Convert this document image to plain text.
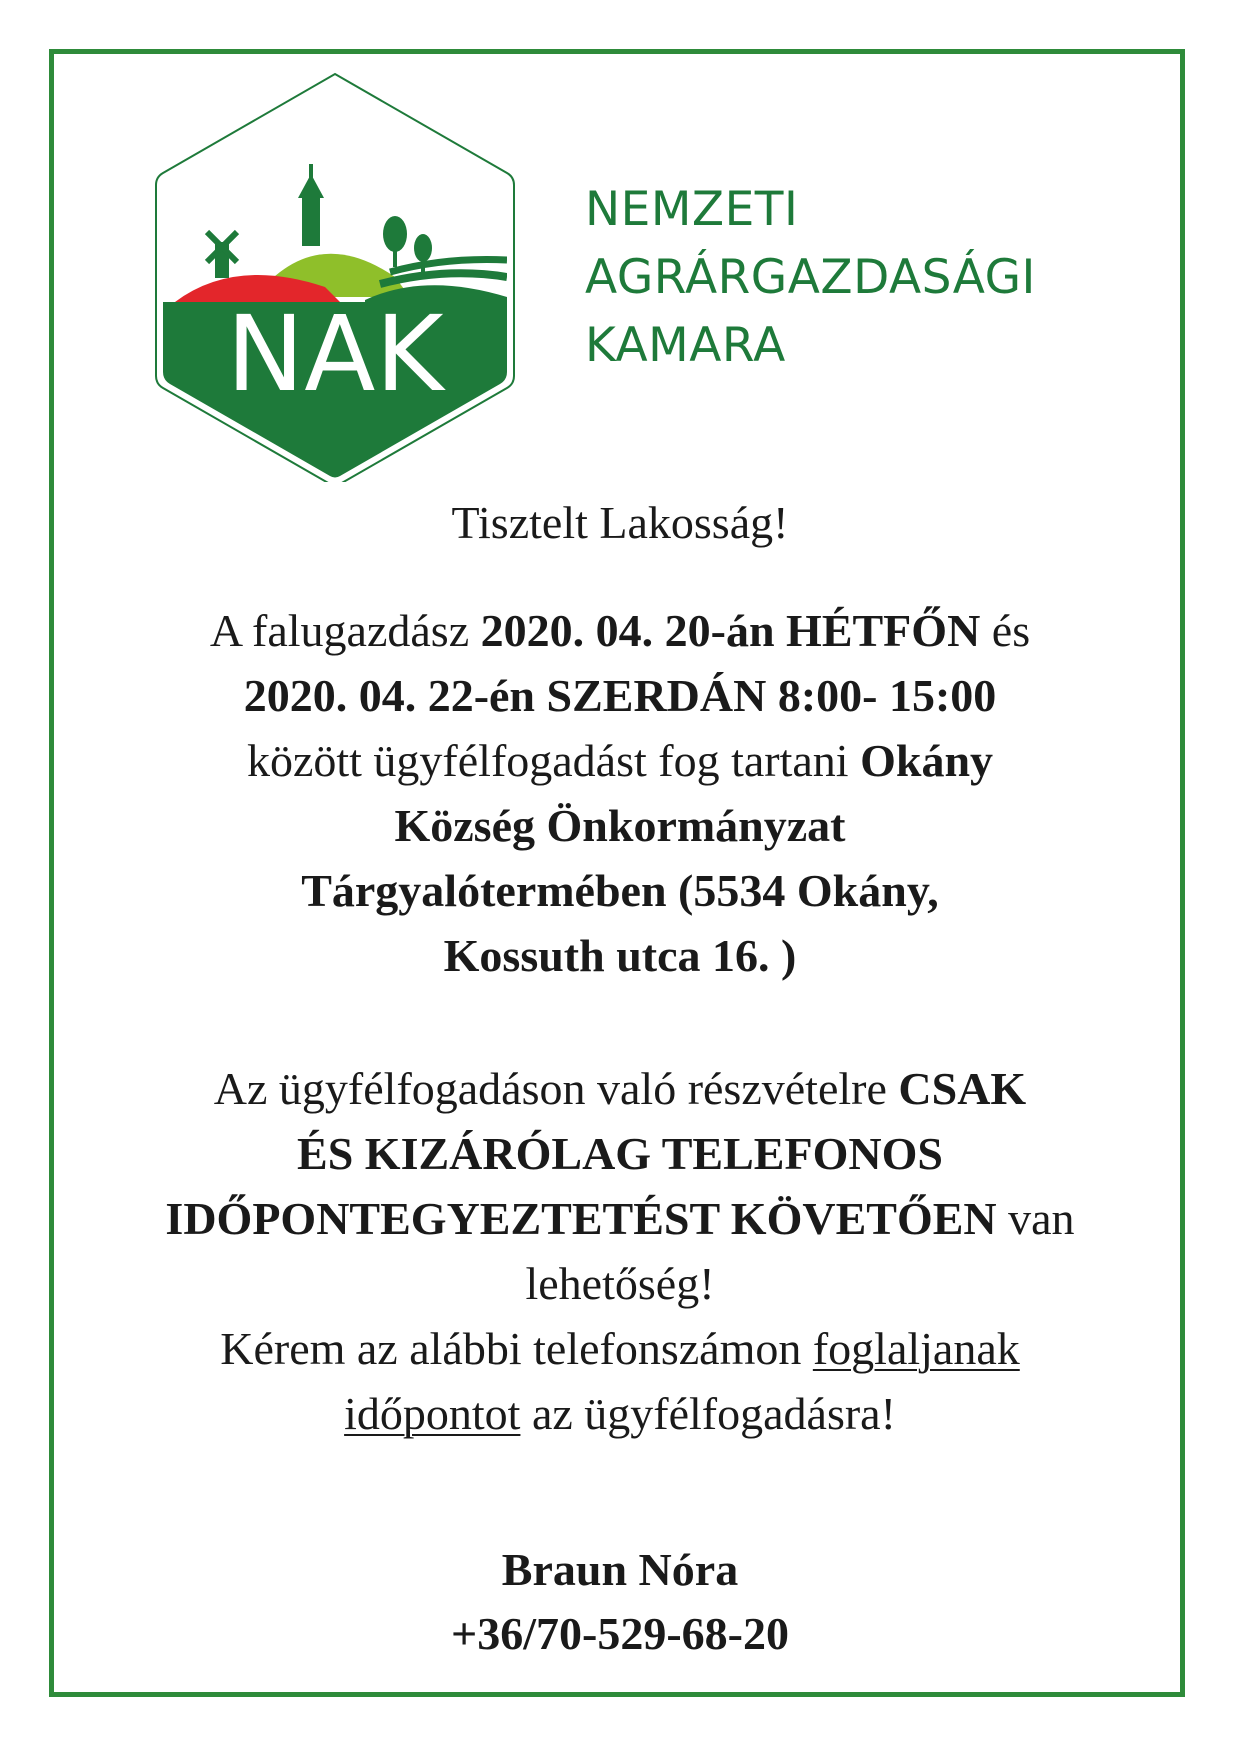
NAK
NEMZETI
AGRÁRGAZDASÁGI
KAMARA
Tisztelt Lakosság!
A falugazdász 2020. 04. 20-án HÉTFŐN és
2020. 04. 22-én SZERDÁN 8:00- 15:00
között ügyfélfogadást fog tartani Okány
Község Önkormányzat
Tárgyalótermében (5534 Okány,
Kossuth utca 16. )
Az ügyfélfogadáson való részvételre CSAK
ÉS KIZÁRÓLAG TELEFONOS
IDŐPONTEGYEZTETÉST KÖVETŐEN van
lehetőség!
Kérem az alábbi telefonszámon foglaljanak
időpontot az ügyfélfogadásra!
Braun Nóra
+36/70-529-68-20
